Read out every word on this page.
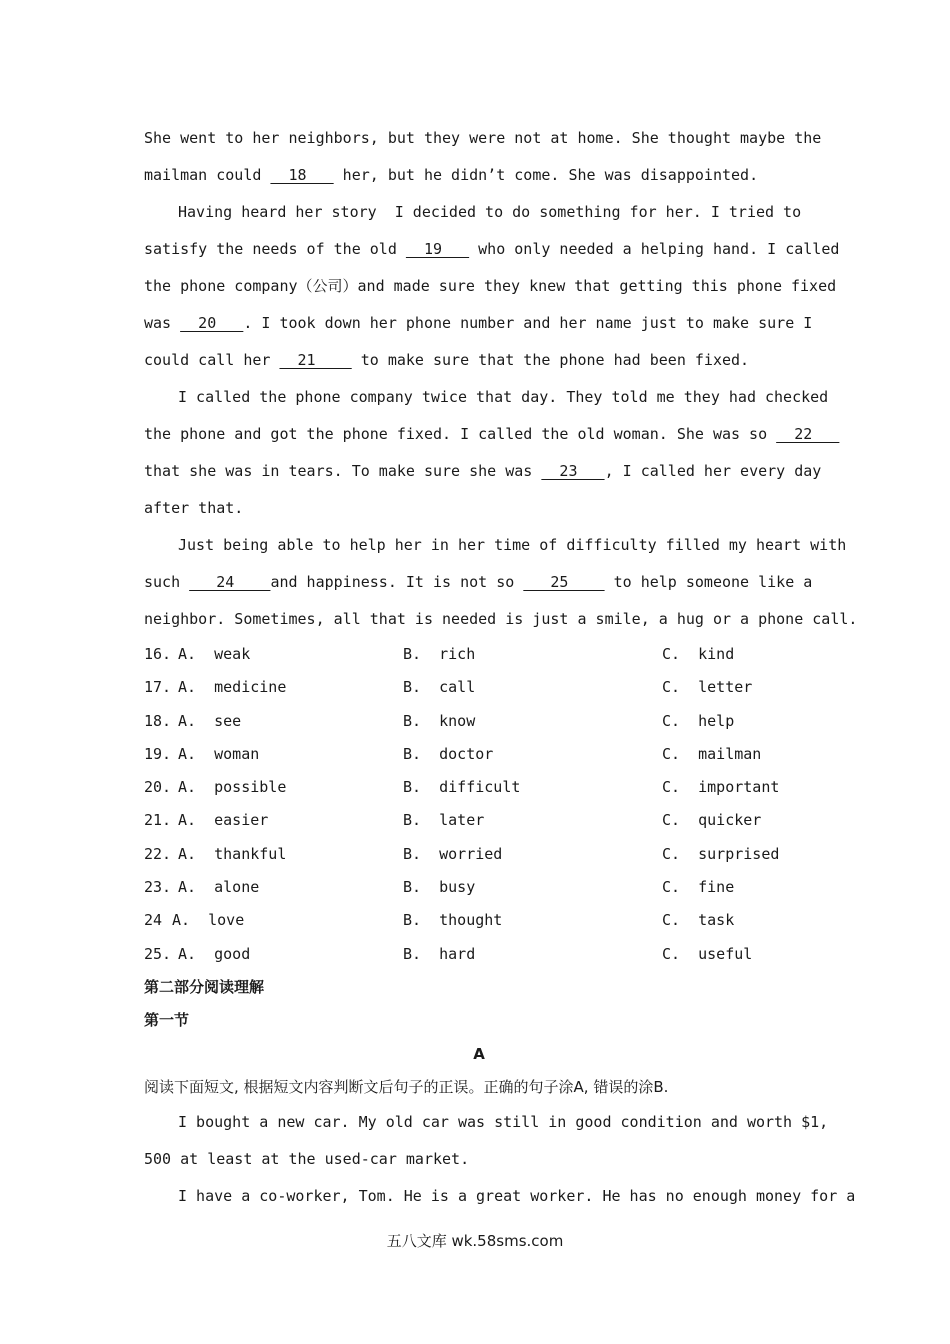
She went to her neighbors, but they were not at home. She thought maybe the
mailman could   18    her, but he didn’t come. She was disappointed.
Having heard her story  I decided to do something for her. I tried to
satisfy the needs of the old   19    who only needed a helping hand. I called
the phone company（公司）and made sure they knew that getting this phone fixed
was   20   . I took down her phone number and her name just to make sure I
could call her   21     to make sure that the phone had been fixed.
I called the phone company twice that day. They told me they had checked
the phone and got the phone fixed. I called the old woman. She was so   22
that she was in tears. To make sure she was   23   , I called her every day
after that.
Just being able to help her in her time of difficulty filled my heart with
such    24    and happiness. It is not so    25     to help someone like a
neighbor. Sometimes, all that is needed is just a smile, a hug or a phone call.
16. A.  weak	B.  rich	C.  kind
17. A.  medicine	B.  call	C.  letter
18. A.  see	B.  know	C.  help
19. A.  woman	B.  doctor	C.  mailman
20. A.  possible	B.  difficult	C.  important
21. A.  easier	B.  later	C.  quicker
22. A.  thankful	B.  worried	C.  surprised
23. A.  alone	B.  busy	C.  fine
24 A.  love	B.  thought	C.  task
25. A.  good	B.  hard	C.  useful
第二部分阅读理解
第一节
A
阅读下面短文, 根据短文内容判断文后句子的正误。正确的句子涂A, 错误的涂B.
I bought a new car. My old car was still in good condition and worth $1,
500 at least at the used-car market.
I have a co-worker, Tom. He is a great worker. He has no enough money for a
五八文库 wk.58sms.com
